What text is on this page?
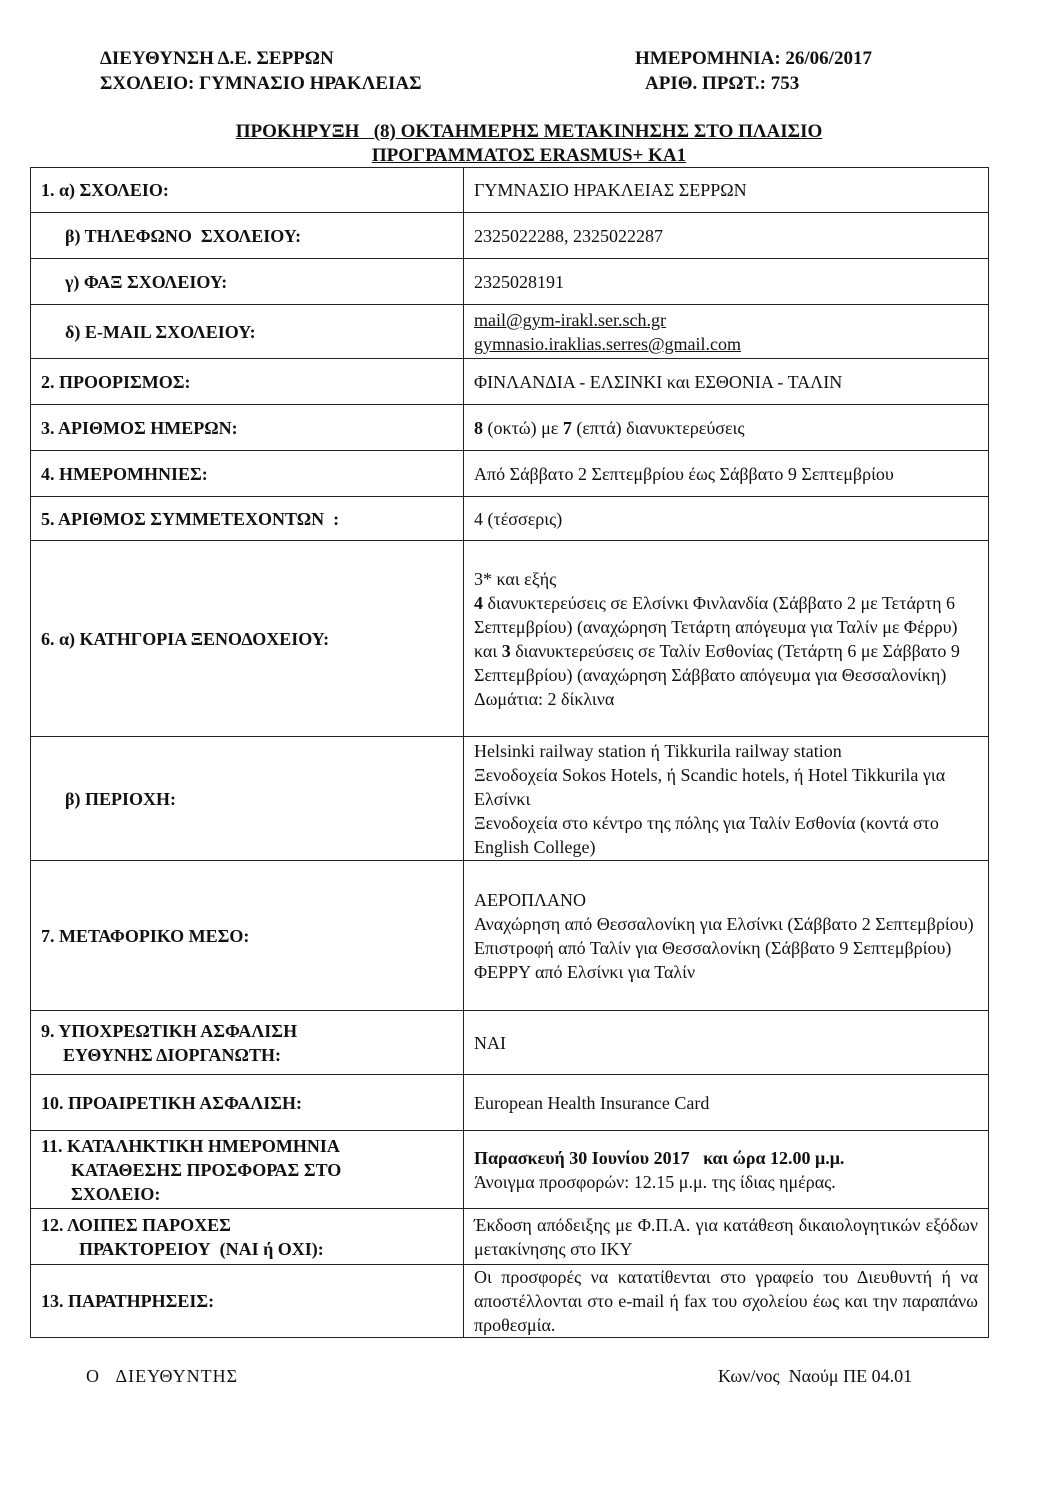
ΔΙΕΥΘΥΝΣΗ Δ.Ε. ΣΕΡΡΩΝ
ΣΧΟΛΕΙΟ: ΓΥΜΝΑΣΙΟ ΗΡΑΚΛΕΙΑΣ
ΗΜΕΡΟΜΗΝΙΑ: 26/06/2017
ΑΡΙΘ. ΠΡΩΤ.: 753
ΠΡΟΚΗΡΥΞΗ   (8) ΟΚΤΑΗΜΕΡΗΣ ΜΕΤΑΚΙΝΗΣΗΣ ΣΤΟ ΠΛΑΙΣΙΟ
ΠΡΟΓΡΑΜΜΑΤΟΣ ERASMUS+ KA1
1. α) ΣΧΟΛΕΙΟ:	ΓΥΜΝΑΣΙΟ ΗΡΑΚΛΕΙΑΣ ΣΕΡΡΩΝ
β) ΤΗΛΕΦΩΝΟ  ΣΧΟΛΕΙΟΥ:	2325022288, 2325022287
γ) ΦΑΞ ΣΧΟΛΕΙΟΥ:	2325028191
δ) E-MAIL ΣΧΟΛΕΙΟΥ:	mail@gym-irakl.ser.sch.gr
gymnasio.iraklias.serres@gmail.com

2. ΠΡΟΟΡΙΣΜΟΣ:	ΦΙΝΛΑΝΔΙΑ - ΕΛΣΙΝΚΙ και ΕΣΘΟΝΙΑ - ΤΑΛΙΝ
3. ΑΡΙΘΜΟΣ ΗΜΕΡΩΝ:	8 (οκτώ) με 7 (επτά) διανυκτερεύσεις
4. ΗΜΕΡΟΜΗΝΙΕΣ:	Από Σάββατο 2 Σεπτεμβρίου έως Σάββατο 9 Σεπτεμβρίου
5. ΑΡΙΘΜΟΣ ΣΥΜΜΕΤΕΧΟΝΤΩΝ  :	4 (τέσσερις)
6. α) ΚΑΤΗΓΟΡΙΑ ΞΕΝΟΔΟΧΕΙΟΥ:	3* και εξής
4 διανυκτερεύσεις σε Ελσίνκι Φινλανδία (Σάββατο 2 με Τετάρτη 6 Σεπτεμβρίου) (αναχώρηση Τετάρτη απόγευμα για Ταλίν με Φέρρυ)
και 3 διανυκτερεύσεις σε Ταλίν Εσθονίας (Τετάρτη 6 με Σάββατο 9 Σεπτεμβρίου) (αναχώρηση Σάββατο απόγευμα για Θεσσαλονίκη)
Δωμάτια: 2 δίκλινα

β) ΠΕΡΙΟΧΗ:	Helsinki railway station ή Tikkurila railway station
Ξενοδοχεία Sokos Hotels, ή Scandic hotels, ή Hotel Tikkurila για Ελσίνκι
Ξενοδοχεία στο κέντρο της πόλης για Ταλίν Εσθονία (κοντά στο English College)

7. ΜΕΤΑΦΟΡΙΚΟ ΜΕΣΟ:	ΑΕΡΟΠΛΑΝΟ
Αναχώρηση από Θεσσαλονίκη για Ελσίνκι (Σάββατο 2 Σεπτεμβρίου)
Επιστροφή από Ταλίν για Θεσσαλονίκη (Σάββατο 9 Σεπτεμβρίου)
ΦΕΡΡΥ από Ελσίνκι για Ταλίν

9. ΥΠΟΧΡΕΩΤΙΚΗ ΑΣΦΑΛΙΣΗ
ΕΥΘΥΝΗΣ ΔΙΟΡΓΑΝΩΤΗ:	ΝΑΙ
10. ΠΡΟΑΙΡΕΤΙΚΗ ΑΣΦΑΛΙΣΗ:	European Health Insurance Card

11. ΚΑΤΑΛΗΚΤΙΚΗ ΗΜΕΡΟΜΗΝΙΑ
ΚΑΤΑΘΕΣΗΣ ΠΡΟΣΦΟΡΑΣ ΣΤΟ
ΣΧΟΛΕΙΟ:	Παρασκευή 30 Ιουνίου 2017   και ώρα 12.00 μ.μ.
Άνοιγμα προσφορών: 12.15 μ.μ. της ίδιας ημέρας.

12. ΛΟΙΠΕΣ ΠΑΡΟΧΕΣ
ΠΡΑΚΤΟΡΕΙΟΥ  (ΝΑΙ ή ΟΧΙ):	Έκδοση απόδειξης με Φ.Π.Α. για κατάθεση δικαιολογητικών εξόδων μετακίνησης στο ΙΚΥ
13. ΠΑΡΑΤΗΡΗΣΕΙΣ:	Οι προσφορές να κατατίθενται στο γραφείο του Διευθυντή ή να αποστέλλονται στο e-mail ή fax του σχολείου έως και την παραπάνω προθεσμία.
Ο   ΔΙΕΥΘΥΝΤΗΣ	Κων/νος  Ναούμ ΠΕ 04.01
